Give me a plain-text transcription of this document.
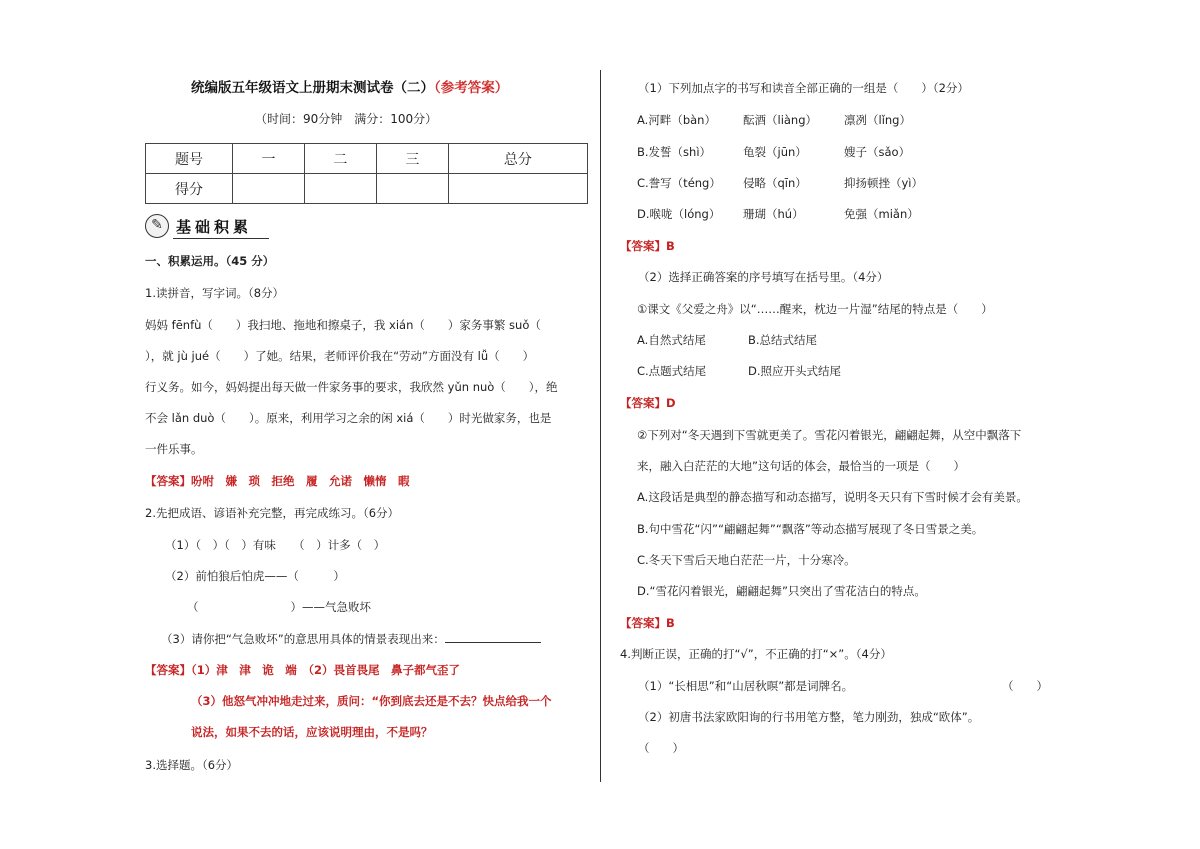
统编版五年级语文上册期末测试卷（二）（参考答案）
（时间：90分钟　满分：100分）
题号	一	二	三	总分
得分				
✎ 基础积累
一、积累运用。（45 分）
1.读拼音，写字词。（8分）
妈妈 fēnfù（　　）我扫地、拖地和擦桌子，我 xián（　　）家务事繁 suǒ（
），就 jù jué（　　）了她。结果，老师评价我在“劳动”方面没有 lǚ（　　）
行义务。如今，妈妈提出每天做一件家务事的要求，我欣然 yǔn nuò（　　），绝
不会 lǎn duò（　　）。原来，利用学习之余的闲 xiá（　　）时光做家务，也是
一件乐事。
【答案】吩咐　嫌　琐　拒绝　履　允诺　懒惰　暇
2.先把成语、谚语补充完整，再完成练习。（6分）
（1）（　）（　）有味　　（　）计多（　）
（2）前怕狼后怕虎——（　　　）
（　　　　　　　　）——气急败坏
（3）请你把“气急败坏”的意思用具体的情景表现出来：
【答案】（1）津　津　诡　端　（2）畏首畏尾　鼻子都气歪了
（3）他怒气冲冲地走过来，质问：“你到底去还是不去？快点给我一个
说法，如果不去的话，应该说明理由，不是吗？
3.选择题。（6分）
（1）下列加点字的书写和读音全部正确的一组是（　　）（2分）
A.河畔（bàn） 酝酒（liàng） 凛冽（lǐng）
B.发誓（shì）	龟裂（jūn）	嫂子（sǎo）
C.誊写（téng） 侵略（qīn）	抑扬顿挫（yì）
D.喉咙（lóng） 珊瑚（hú）	免强（miǎn）
【答案】B
（2）选择正确答案的序号填写在括号里。（4分）
①课文《父爱之舟》以“……醒来，枕边一片湿”结尾的特点是（　　）
A.自然式结尾	B.总结式结尾
C.点题式结尾	D.照应开头式结尾
【答案】D
②下列对“冬天遇到下雪就更美了。雪花闪着银光，翩翩起舞，从空中飘落下
来，融入白茫茫的大地”这句话的体会，最恰当的一项是（　　）
A.这段话是典型的静态描写和动态描写，说明冬天只有下雪时候才会有美景。
B.句中雪花“闪”“翩翩起舞”“飘落”等动态描写展现了冬日雪景之美。
C.冬天下雪后天地白茫茫一片，十分寒冷。
D.“雪花闪着银光，翩翩起舞”只突出了雪花洁白的特点。
【答案】B
4.判断正误，正确的打“√”，不正确的打“×”。（4分）
（1）“长相思”和“山居秋暝”都是词牌名。	（　　）
（2）初唐书法家欧阳询的行书用笔方整，笔力刚劲，独成“欧体”。
（　　）
